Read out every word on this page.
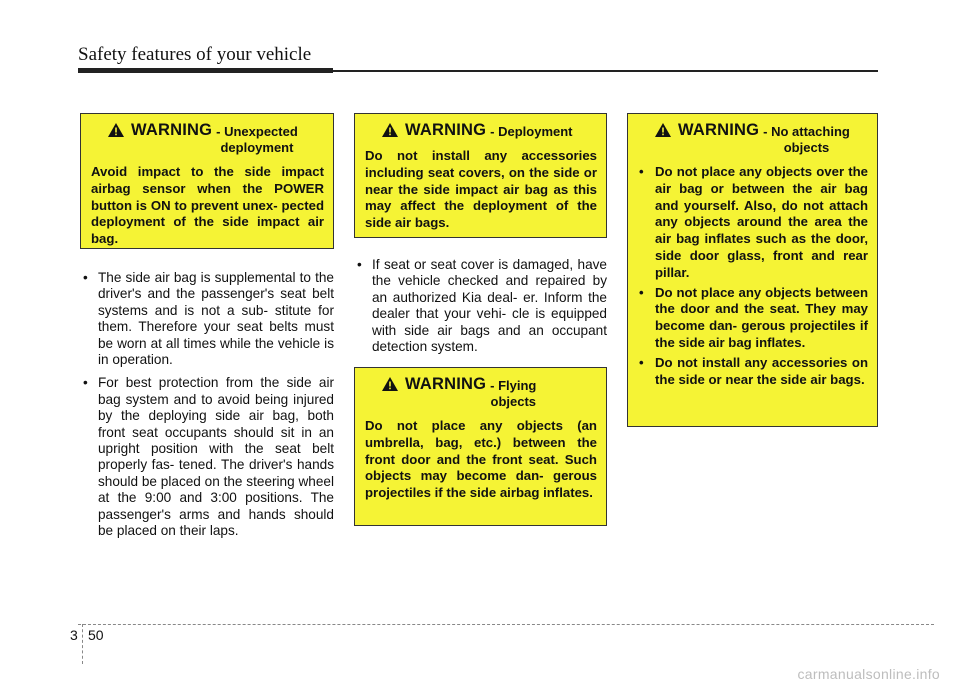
Safety features of your vehicle
WARNING - Unexpected
deployment

Avoid impact to the side impact airbag sensor when the POWER button is ON to prevent unex- pected deployment of the side impact air bag.

WARNING - Deployment

Do not install any accessories including seat covers, on the side or near the side impact air bag as this may affect the deployment of the side air bags.

WARNING - Flying
objects

Do not place any objects (an umbrella, bag, etc.) between the front door and the front seat. Such objects may become dan- gerous projectiles if the side airbag inflates.

WARNING - No attaching
objects
• Do not place any objects over the air bag or between the air bag and yourself. Also, do not attach any objects around the area the air bag inflates such as the door, side door glass, front and rear pillar.
• Do not place any objects between the door and the seat. They may become dan- gerous projectiles if the side air bag inflates.
• Do not install any accessories on the side or near the side air bags.
• The side air bag is supplemental to the driver's and the passenger's seat belt systems and is not a sub- stitute for them. Therefore your seat belts must be worn at all times while the vehicle is in operation.
• For best protection from the side air bag system and to avoid being injured by the deploying side air bag, both front seat occupants should sit in an upright position with the seat belt properly fas- tened. The driver's hands should be placed on the steering wheel at the 9:00 and 3:00 positions. The passenger's arms and hands should be placed on their laps.
• If seat or seat cover is damaged, have the vehicle checked and repaired by an authorized Kia deal- er. Inform the dealer that your vehi- cle is equipped with side air bags and an occupant detection system.
3 50
carmanualsonline.info
